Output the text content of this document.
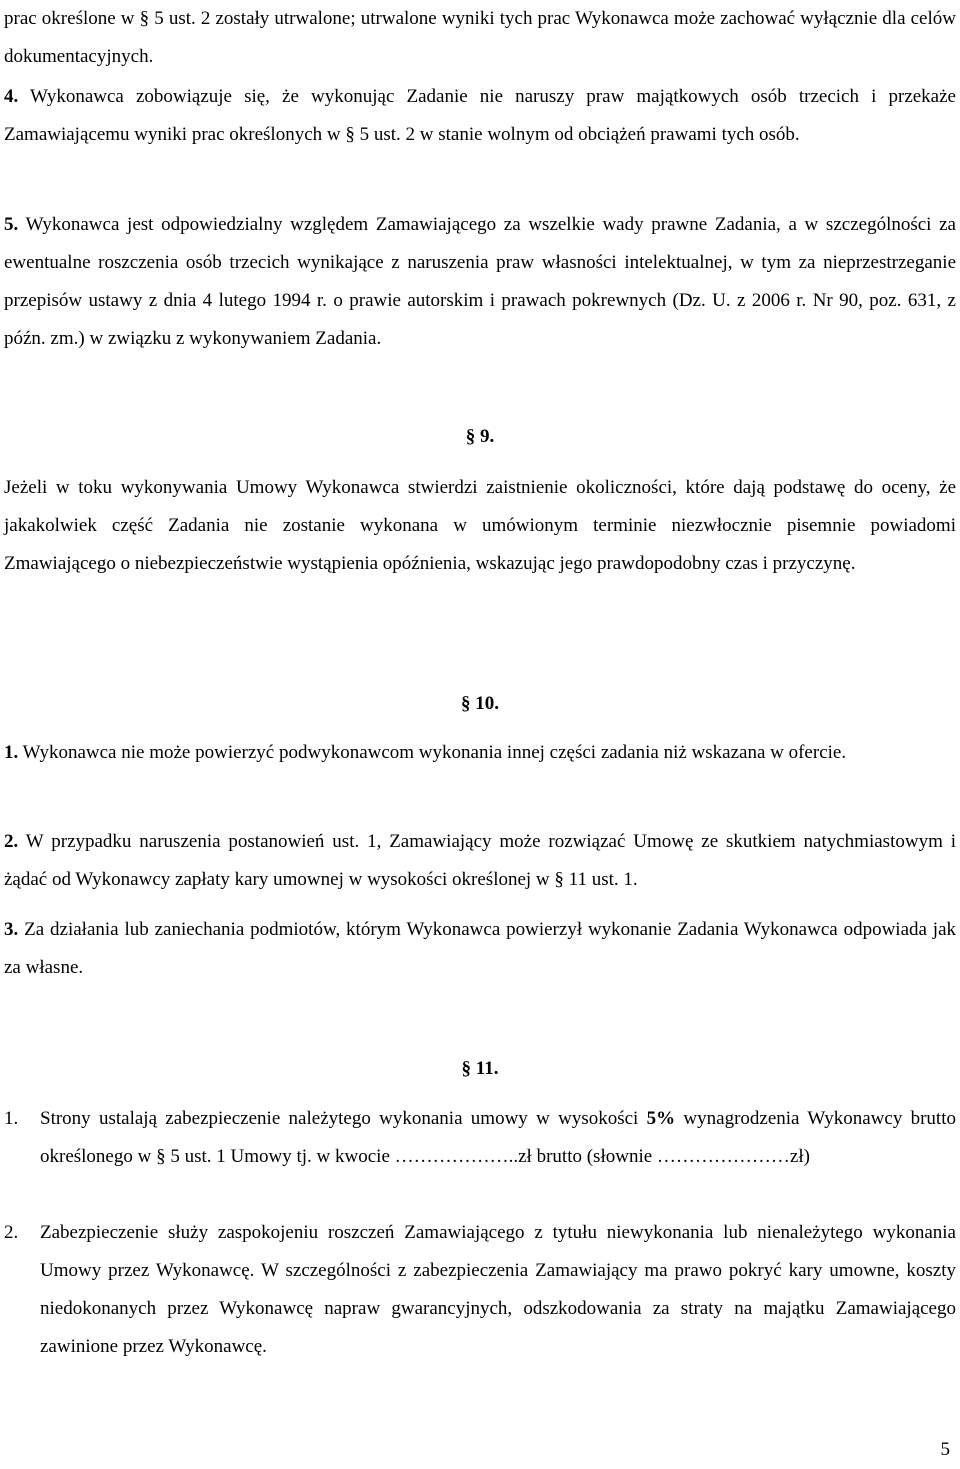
prac określone w § 5 ust. 2 zostały utrwalone; utrwalone wyniki tych prac Wykonawca może zachować wyłącznie dla celów dokumentacyjnych.
4. Wykonawca zobowiązuje się, że wykonując Zadanie nie naruszy praw majątkowych osób trzecich i przekaże Zamawiającemu wyniki prac określonych w § 5 ust. 2 w stanie wolnym od obciążeń prawami tych osób.
5. Wykonawca jest odpowiedzialny względem Zamawiającego za wszelkie wady prawne Zadania, a w szczególności za ewentualne roszczenia osób trzecich wynikające z naruszenia praw własności intelektualnej, w tym za nieprzestrzeganie przepisów ustawy z dnia 4 lutego 1994 r. o prawie autorskim i prawach pokrewnych (Dz. U. z 2006 r. Nr 90, poz. 631, z późn. zm.) w związku z wykonywaniem Zadania.
§ 9.
Jeżeli w toku wykonywania Umowy Wykonawca stwierdzi zaistnienie okoliczności, które dają podstawę do oceny, że jakakolwiek część Zadania nie zostanie wykonana w umówionym terminie niezwłocznie pisemnie powiadomi Zmawiającego o niebezpieczeństwie wystąpienia opóźnienia, wskazując jego prawdopodobny czas i przyczynę.
§ 10.
1. Wykonawca nie może powierzyć podwykonawcom wykonania innej części zadania niż wskazana w ofercie.
2. W przypadku naruszenia postanowień ust. 1, Zamawiający może rozwiązać Umowę ze skutkiem natychmiastowym i żądać od Wykonawcy zapłaty kary umownej w wysokości określonej w § 11 ust. 1.
3. Za działania lub zaniechania podmiotów, którym Wykonawca powierzył wykonanie Zadania Wykonawca odpowiada jak za własne.
§ 11.
1. Strony ustalają zabezpieczenie należytego wykonania umowy w wysokości 5% wynagrodzenia Wykonawcy brutto określonego w § 5 ust. 1 Umowy tj. w kwocie ………………..zł brutto (słownie …………………zł)
2. Zabezpieczenie służy zaspokojeniu roszczeń Zamawiającego z tytułu niewykonania lub nienależytego wykonania Umowy przez Wykonawcę. W szczególności z zabezpieczenia Zamawiający ma prawo pokryć kary umowne, koszty niedokonanych przez Wykonawcę napraw gwarancyjnych, odszkodowania za straty na majątku Zamawiającego zawinione przez Wykonawcę.
5
